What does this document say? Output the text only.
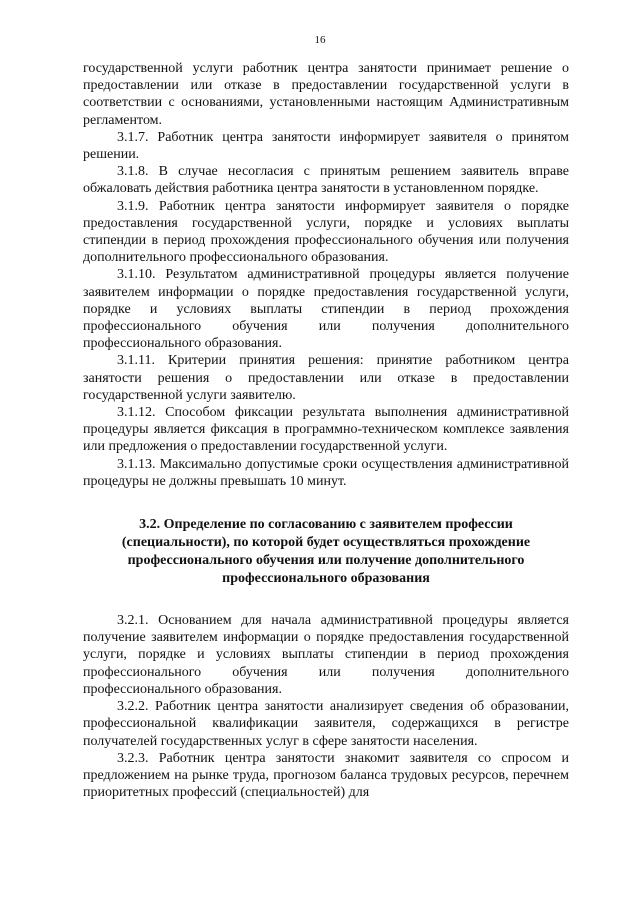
16

государственной услуги работник центра занятости принимает решение о предоставлении или отказе в предоставлении государственной услуги в соответствии с основаниями, установленными настоящим Административным регламентом.

3.1.7. Работник центра занятости информирует заявителя о принятом решении.

3.1.8. В случае несогласия с принятым решением заявитель вправе обжаловать действия работника центра занятости в установленном порядке.

3.1.9. Работник центра занятости информирует заявителя о порядке предоставления государственной услуги, порядке и условиях выплаты стипендии в период прохождения профессионального обучения или получения дополнительного профессионального образования.

3.1.10. Результатом административной процедуры является получение заявителем информации о порядке предоставления государственной услуги, порядке и условиях выплаты стипендии в период прохождения профессионального обучения или получения дополнительного профессионального образования.

3.1.11. Критерии принятия решения: принятие работником центра занятости решения о предоставлении или отказе в предоставлении государственной услуги заявителю.

3.1.12. Способом фиксации результата выполнения административной процедуры является фиксация в программно-техническом комплексе заявления или предложения о предоставлении государственной услуги.

3.1.13. Максимально допустимые сроки осуществления административной процедуры не должны превышать 10 минут.

3.2. Определение по согласованию с заявителем профессии (специальности), по которой будет осуществляться прохождение профессионального обучения или получение дополнительного профессионального образования

3.2.1. Основанием для начала административной процедуры является получение заявителем информации о порядке предоставления государственной услуги, порядке и условиях выплаты стипендии в период прохождения профессионального обучения или получения дополнительного профессионального образования.

3.2.2. Работник центра занятости анализирует сведения об образовании, профессиональной квалификации заявителя, содержащихся в регистре получателей государственных услуг в сфере занятости населения.

3.2.3. Работник центра занятости знакомит заявителя со спросом и предложением на рынке труда, прогнозом баланса трудовых ресурсов, перечнем приоритетных профессий (специальностей) для
